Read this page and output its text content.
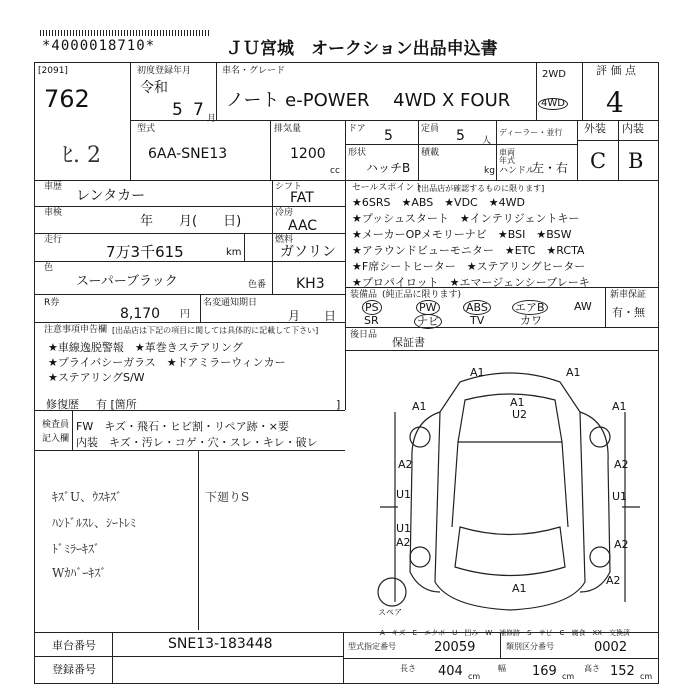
*4000018710*	ＪＵ宮城　オークション出品申込書
[2091]
762
ﾋ. 2
初度登録年月
令和
5 7 月
車名・グレード
ノート e-POWER　 4WD X FOUR
2WD
4WD
評 価 点
4
型式
6AA-SNE13
排気量
1200
cc
ドア 5	定員 5 人
ディーラー・並行
形状
ハッチB
積載
kg
車両
年式
ハンドル
左・右
外装 内装
C B
車歴
レンタカー
シフト
FAT
車検
年　　月(　　日)
冷房
AAC
走行
7万3千615	km
燃料
ガソリン
色
スーパーブラック	色番 KH3
R券
8,170 円
名変通知期日
月　　日
注意事項申告欄 [出品店は下記の項目に関しては具体的に記載して下さい]
★車線逸脱警報　★革巻きステアリング
★プライバシーガラス　★ドアミラーウィンカー
★ステアリングS/W
修復歴 有 [箇所	]
検査員
記入欄
FW　キズ・飛石・ヒビ割・リペア跡・×要
内装　キズ・汚レ・コゲ・穴・スレ・キレ・破レ
ｷｽﾞU、ｳｽｷｽﾞ
ﾊﾝﾄﾞﾙｽﾚ、ｼｰﾄﾚﾐ
ﾄﾞﾐﾗｰｷｽﾞ
Wｶﾊﾞｰｷｽﾞ
下廻りS
セールスポイント
[出品店が確認するものに限ります]
★6SRS　★ABS　★VDC　★4WD
★プッシュスタート　★インテリジェントキー
★メーカーOPメモリーナビ　★BSI　★BSW
★アラウンドビューモニター　★ETC　★RCTA
★F席シートヒーター　★ステアリングヒーター
★プロパイロット　★エマージェンシーブレーキ
装備品 (純正品に限ります)	新車保証
有・無
PS	PW	ABS エアB	AW
SR	ナビ	TV	カワ
後日品
保証書
A1	A1
A1
U2
A1	A1
A2	A2
U1	U1
U1
A2	A2
A1
A2
スペア
A－キズ　E－エクボ　U－凹み　W－補修跡　S－サビ　C－腐食　XX－交換済
車台番号	SNE13-183448
登録番号
型式指定番号	20059	類別区分番号	0002
長さ 404 cm
幅 169 cm
高さ 152 cm
